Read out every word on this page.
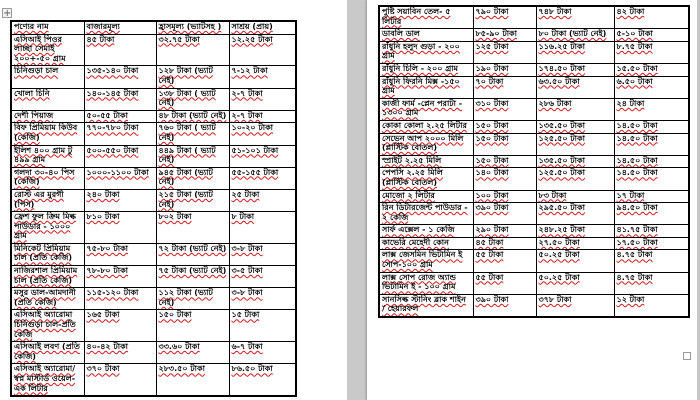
+
পণ্যের নাম	বাজারমূল্য	হ্রাসমূল্য (ভ্যাটসহ )	সাশ্রয় (প্রায়)
এসিআই পিওর লাচ্ছা সেমাই ২০০+-৫০ গ্রাম	৪৫ টাকা	৩২.৭৫ টাকা	১২.২৫ টাকা
চিনিগুড়া চাল	১৩৫-১৪০ টাকা	১২৮ টাকা (ভ্যাট নেই)	৭-১২ টাকা
খোলা চিনি	১৪০-১৪৫ টাকা	১৩৮ টাকা ( ভ্যাট নেই)	২-৭ টাকা
দেশী পিঁয়াজ	৫০-৫৫ টাকা	৪৮ টাকা (ভ্যাট নেই)	২-৭ টাকা
বিফ প্রিমিয়াম কিউব (কেজি)	৭৭০-৭৮০ টাকা	৭৬০ টাকা ( ভ্যাট নেই)	১০-২০ টাকা
ইলিশ ৪০০ গ্রাম টু ৪৯৯ গ্রাম	৫০০-৫৫০ টাকা	৪৪৯ টাকা ( ভ্যাট নেই)	৫১-১০১ টাকা
গলদা ৩০-৪০ পিস (কেজি)	১০০০-১১০০ টাকা	৯৪৫ টাকা (ভ্যাট নেই)	৫৫-১৫৫ টাকা
রোস্ট এর মুরগী (পিস)	২৪০ টাকা	২১৫ টাকা (ভ্যাট নেই)	২৫ টাকা
ফ্রেশ ফুল ক্রিম মিল্ক পাউডার - ১০০০ গ্রাম	৮১০ টাকা	৮০২ টাকা	৮ টাকা
মিনিকেট প্রিমিয়াম চাল (প্রতি কেজি)	৭৫-৮০ টাকা	৭২ টাকা (ভ্যাট নেই)	৩-৮ টাকা
নাজিরশাল প্রিমিয়াম চাল (প্রতি কেজি)	৭৮-৮০ টাকা	৭৫ টাকা (ভ্যাট নেই)	৩-৫ টাকা
মসুর ডাল-আমদানী (প্রতি কেজি)	১১৫-১২০ টাকা	১১২ টাকা (ভ্যাট নেই)	৩-৮ টাকা
এসিআই অ্যারোমা চিনিগুড়া চাল-প্রতি কেজি	১৬৫ টাকা	১৫০ টাকা	১৫ টাকা
এসিআই লবণ (প্রতি কেজি)	৪০-৪২ টাকা	৩৩.৬০ টাকা	৬-৭ টাকা
এসিআই অ্যারোমা/ স্বপ্ন মাস্টার্ড ওয়েল-এক লিটার	৩৭০ টাকা	২৮৩.৫০ টাকা	৮৬.৫০ টাকা
পুষ্টি সয়াবিন তেল- ৫ লিটার	৭৯০ টাকা	৭৪৮ টাকা	৪২ টাকা
ডাবলি ডাল	৮৫-৯০ টাকা	৮০ টাকা (ভ্যাট নেই)	৫-১০ টাকা
রাঁধুনি হলুদ গুড়া - ২০০ গ্রাম	১২৫ টাকা	১১৬.২৫ টাকা	৮.৭৫ টাকা
রাঁধুনি চিলি - ২০০ গ্রাম	১৯০ টাকা	১৭৪.৫০ টাকা	১৫.৫০ টাকা
রাঁধুনি ফিরনি মিক্স -১৫০ গ্রাম	৭০ টাকা	৬৩.৫০ টাকা	৬.৫০ টাকা
কাজী ফার্ম -প্লেন পরাটা - ১৩০০ গ্রাম	৩১০ টাকা	২৮৬ টাকা	২৪ টাকা
কোকা কোলা ২.২৫ লিটার	১৫০ টাকা	১৩৫.৫০ টাকা	১৪.৫০ টাকা
সেভেন আপ ২০০০ মিলি (প্লাস্টিক বোতল)	১৫০ টাকা	১২৫.৫০ টাকা	১৪.৫০ টাকা
স্প্রাইট ২.২৫ মিলি	১৫০ টাকা	১৩৫.৫০ টাকা	১৪.৫০ টাকা
পেপসি ২.২৫ মিলি (প্লাস্টিক বোতল)	১৪০ টাকা	১২৫.৫০ টাকা	১৪.৫০ টাকা
মোজো ২ লিটার	১০০ টাকা	৮৩ টাকা	১৭ টাকা
রিন ডিটারজেন্ট পাউডার - ২ কেজি	৩৯০ টাকা	২৯৫.৫০ টাকা	৯৪.৫০ টাকা
সার্ফ এক্সেল - ১ কেজি	২৯০ টাকা	২৪৮.২৫ টাকা	৪১.৭৫ টাকা
কাভেরি মেহেদী কোন	৪৫ টাকা	২৭.৫০ টাকা	১৭.৫০ টাকা
লাক্স জেসমিন ভিটামিন ই সোপ-১০০ গ্রাম	৫৫ টাকা	৫০.২৫ টাকা	৪.৭৫ টাকা
লাক্স সোপ রোজ অ্যান্ড ভিটামিন ই - ১০০ গ্রাম	৫৫ টাকা	৫০.২৫ টাকা	৪.৭৫ টাকা
সানসিল্ক স্টানিং ব্লাক শাইন / হেয়ারফল	৩৯০ টাকা	৩৭৮ টাকা	১২ টাকা
